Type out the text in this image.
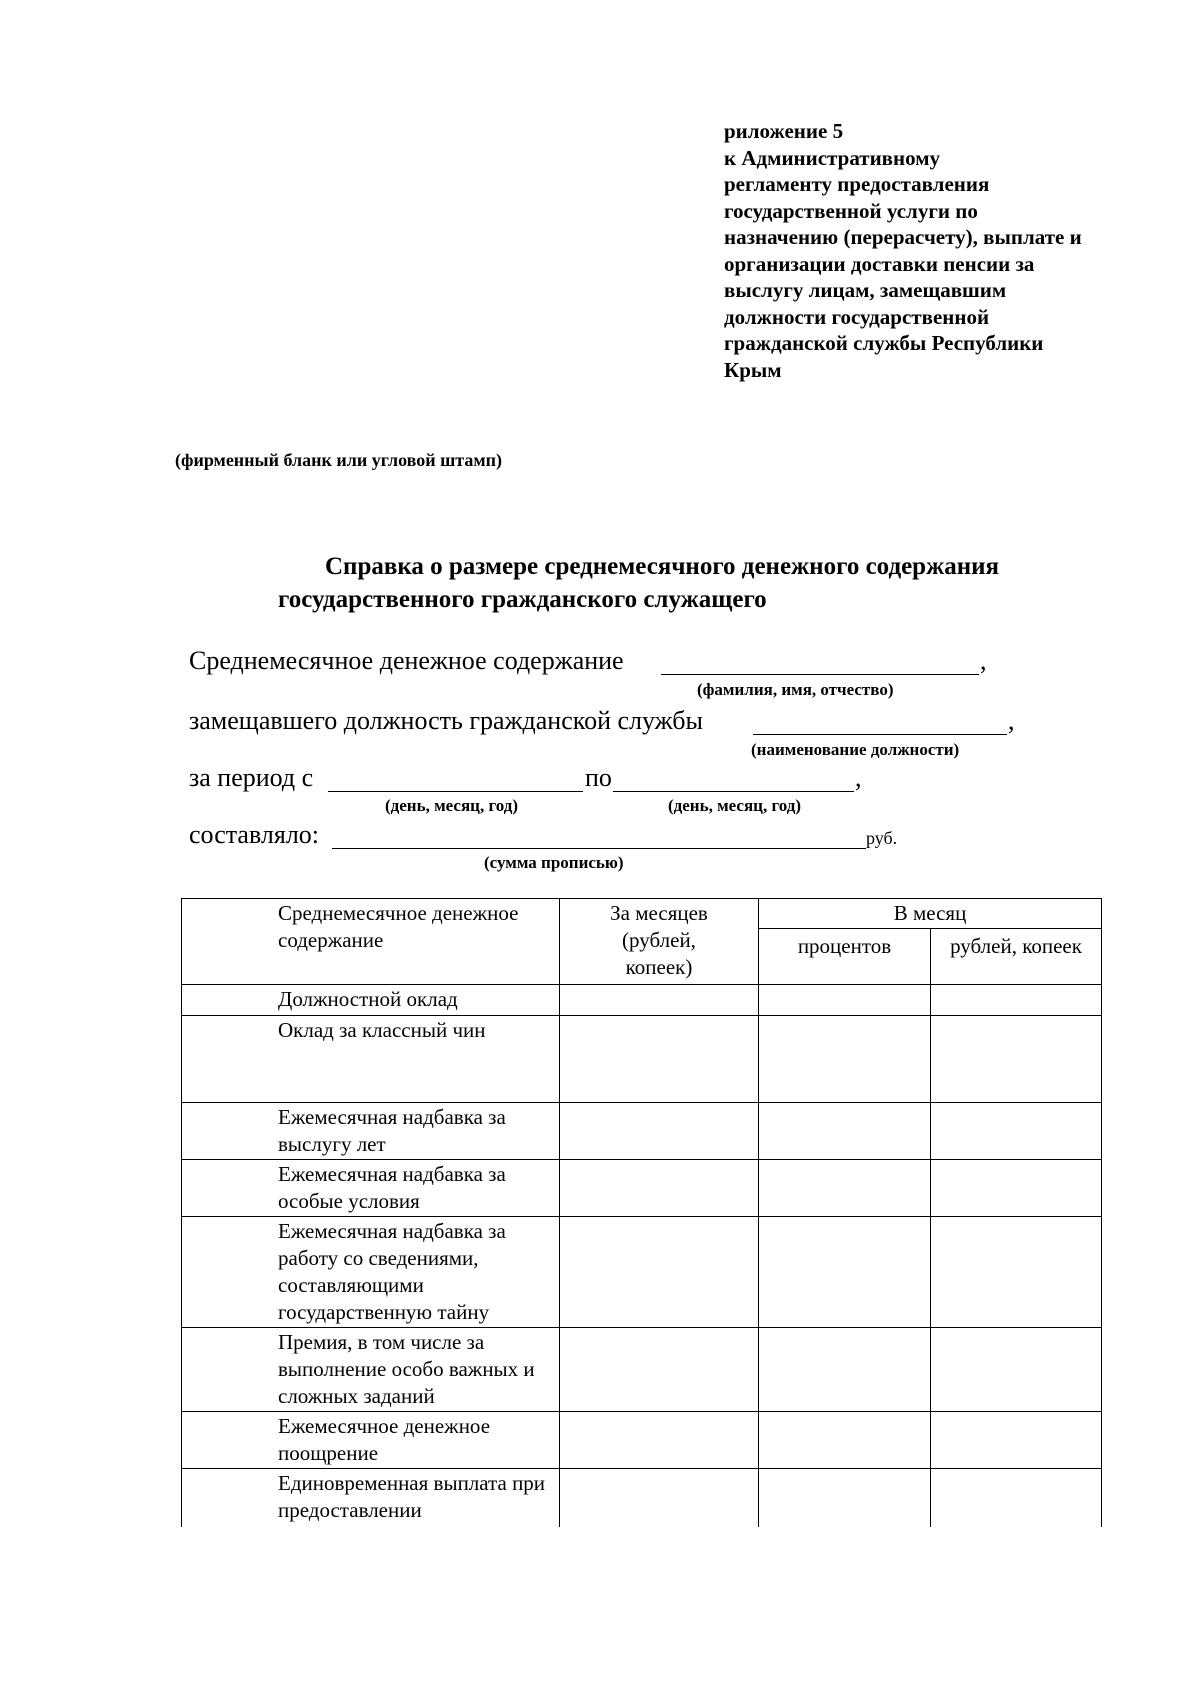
риложение 5
к Административному
регламенту предоставления
государственной услуги по
назначению (перерасчету), выплате и
организации доставки пенсии за
выслугу лицам, замещавшим
должности государственной
гражданской службы Республики
Крым
(фирменный бланк или угловой штамп)
Справка о размере среднемесячного денежного содержания
государственного гражданского служащего
Среднемесячное денежное содержание	,
(фамилия, имя, отчество)
замещавшего должность гражданской службы	,
(наименование должности)
за период с	по	,
(день, месяц, год)	(день, месяц, год)
составляло:	руб.
(сумма прописью)
Среднемесячное денежное содержание	За месяцев (рублей, копеек)	В месяц	
		процентов	рублей, копеек
Должностной оклад			
Оклад за классный чин			
Ежемесячная надбавка за выслугу лет			
Ежемесячная надбавка за особые условия			
Ежемесячная надбавка за работу со сведениями, составляющими государственную тайну			
Премия, в том числе за выполнение особо важных и сложных заданий			
Ежемесячное денежное поощрение			
Единовременная выплата при предоставлении			
